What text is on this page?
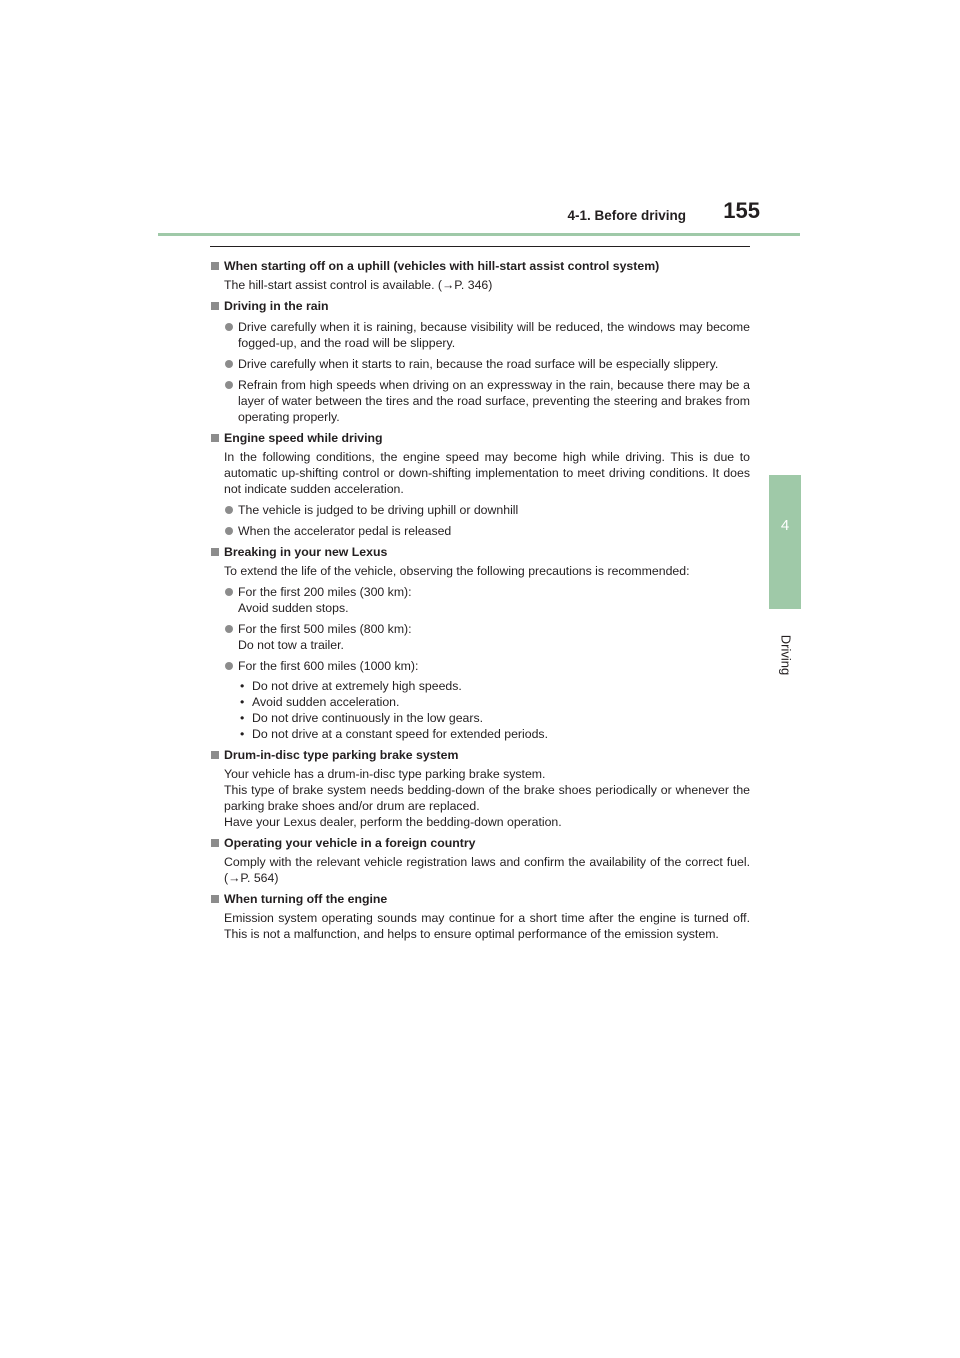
4-1. Before driving	155
4
Driving
When starting off on a uphill (vehicles with hill-start assist control system)
The hill-start assist control is available. (→P. 346)
Driving in the rain
Drive carefully when it is raining, because visibility will be reduced, the windows may become fogged-up, and the road will be slippery.
Drive carefully when it starts to rain, because the road surface will be especially slippery.
Refrain from high speeds when driving on an expressway in the rain, because there may be a layer of water between the tires and the road surface, preventing the steering and brakes from operating properly.
Engine speed while driving
In the following conditions, the engine speed may become high while driving. This is due to automatic up-shifting control or down-shifting implementation to meet driving conditions. It does not indicate sudden acceleration.
The vehicle is judged to be driving uphill or downhill
When the accelerator pedal is released
Breaking in your new Lexus
To extend the life of the vehicle, observing the following precautions is recommended:
For the first 200 miles (300 km):
Avoid sudden stops.
For the first 500 miles (800 km):
Do not tow a trailer.
For the first 600 miles (1000 km):
• Do not drive at extremely high speeds.
• Avoid sudden acceleration.
• Do not drive continuously in the low gears.
• Do not drive at a constant speed for extended periods.
Drum-in-disc type parking brake system
Your vehicle has a drum-in-disc type parking brake system.
This type of brake system needs bedding-down of the brake shoes periodically or whenever the parking brake shoes and/or drum are replaced.
Have your Lexus dealer, perform the bedding-down operation.
Operating your vehicle in a foreign country
Comply with the relevant vehicle registration laws and confirm the availability of the correct fuel. (→P. 564)
When turning off the engine
Emission system operating sounds may continue for a short time after the engine is turned off. This is not a malfunction, and helps to ensure optimal performance of the emission system.
